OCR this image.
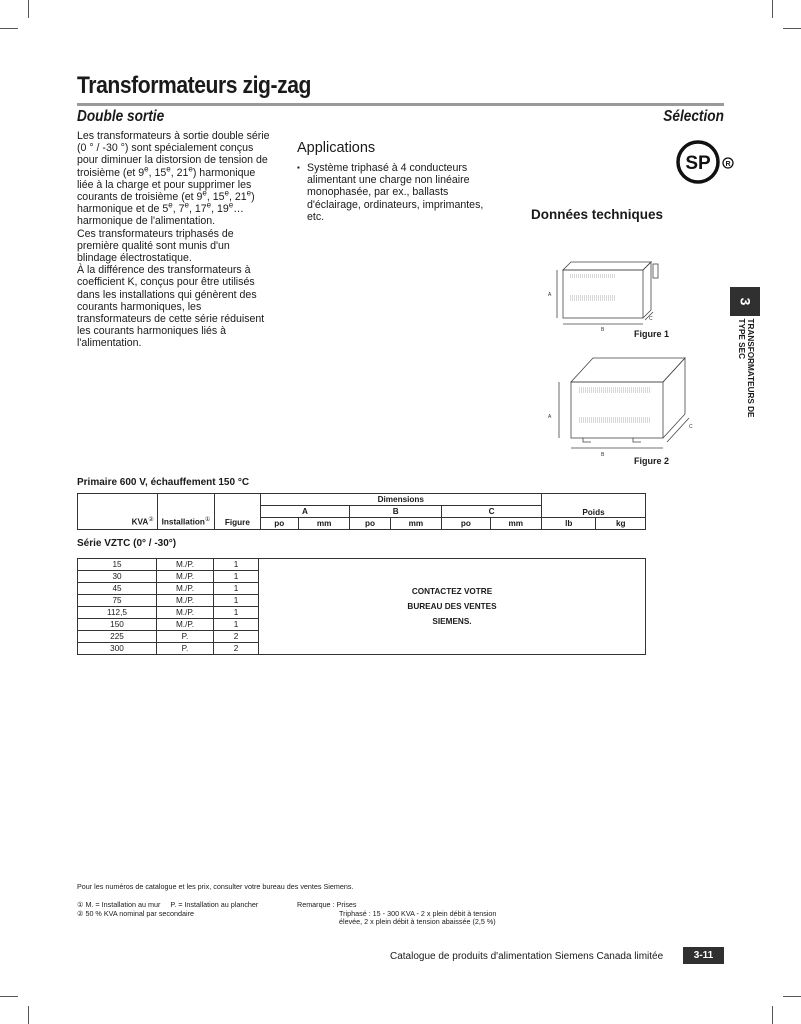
Transformateurs zig-zag
Double sortie	Sélection

Les transformateurs à sortie double série (0 ° / -30 °) sont spécialement conçus pour diminuer la distorsion de tension de troisième (et 9e, 15e, 21e) harmonique liée à la charge et pour supprimer les courants de troisième (et 9e, 15e, 21e) harmonique et de 5e, 7e, 17e, 19e… harmonique de l'alimentation.

Ces transformateurs triphasés de première qualité sont munis d'un blindage électrostatique.

À la différence des transformateurs à coefficient K, conçus pour être utilisés dans les installations qui génèrent des courants harmoniques, les transformateurs de cette série réduisent les courants harmoniques liés à l'alimentation.

Applications
▪ Système triphasé à 4 conducteurs alimentant une charge non linéaire monophasée, par ex., ballasts d'éclairage, ordinateurs, imprimantes, etc.
SP R
Données techniques
A
B
C
Figure 1
A
B
C
Figure 2
3
TRANSFORMATEURS DE
TYPE SEC
Primaire 600 V, échauffement 150 °C
KVA②	Installation①	Figure	Dimensions						Poids	
			A		B		C			
			po	mm	po	mm	po	mm	lb	kg
Série VZTC (0° / -30°)
15	M./P.	1	CONTACTEZ VOTRE
BUREAU DES VENTES
SIEMENS.

30	M./P.	1	
45	M./P.	1	
75	M./P.	1	
112,5	M./P.	1	
150	M./P.	1	
225	P.	2	
300	P.	2	
Pour les numéros de catalogue et les prix, consulter votre bureau des ventes Siemens.
① M. = Installation au mur     P. = Installation au plancher
② 50 % KVA nominal par secondaire
Remarque : Prises
Triphasé : 15 - 300 KVA - 2 x plein débit à tension élevée, 2 x plein débit à tension abaissée (2,5 %)
Catalogue de produits d'alimentation Siemens Canada limitée	3-11
